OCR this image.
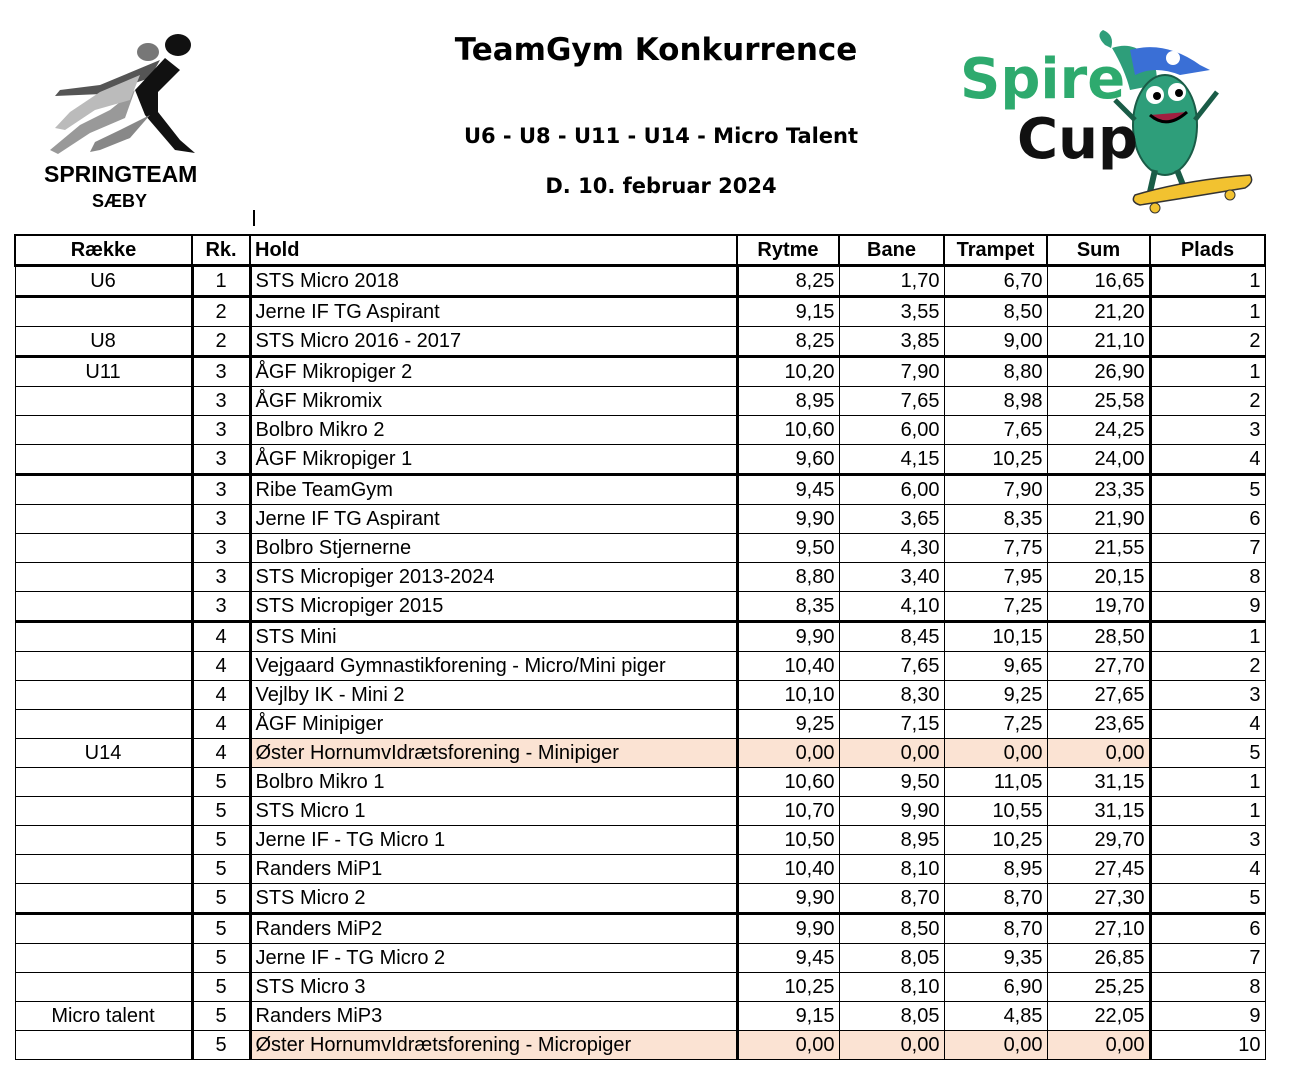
SPRINGTEAM
SÆBY
TeamGym Konkurrence
U6 - U8 - U11 - U14 - Micro Talent
D. 10. februar 2024
Spire
Cup
Række	Rk.	Hold	Rytme	Bane	Trampet	Sum	Plads
U6	1	STS Micro 2018	8,25	1,70	6,70	16,65	1
	2	Jerne IF TG Aspirant	9,15	3,55	8,50	21,20	1
U8	2	STS Micro 2016 - 2017	8,25	3,85	9,00	21,10	2
U11	3	ÅGF Mikropiger 2	10,20	7,90	8,80	26,90	1
	3	ÅGF Mikromix	8,95	7,65	8,98	25,58	2
	3	Bolbro Mikro 2	10,60	6,00	7,65	24,25	3
	3	ÅGF Mikropiger 1	9,60	4,15	10,25	24,00	4
	3	Ribe TeamGym	9,45	6,00	7,90	23,35	5
	3	Jerne IF TG Aspirant	9,90	3,65	8,35	21,90	6
	3	Bolbro Stjernerne	9,50	4,30	7,75	21,55	7
	3	STS Micropiger 2013-2024	8,80	3,40	7,95	20,15	8
	3	STS Micropiger 2015	8,35	4,10	7,25	19,70	9
	4	STS Mini	9,90	8,45	10,15	28,50	1
	4	Vejgaard Gymnastikforening - Micro/Mini piger	10,40	7,65	9,65	27,70	2
	4	Vejlby IK - Mini 2	10,10	8,30	9,25	27,65	3
	4	ÅGF Minipiger	9,25	7,15	7,25	23,65	4
U14	4	Øster HornumvIdrætsforening - Minipiger	0,00	0,00	0,00	0,00	5
	5	Bolbro Mikro 1	10,60	9,50	11,05	31,15	1
	5	STS Micro 1	10,70	9,90	10,55	31,15	1
	5	Jerne IF - TG Micro 1	10,50	8,95	10,25	29,70	3
	5	Randers MiP1	10,40	8,10	8,95	27,45	4
	5	STS Micro 2	9,90	8,70	8,70	27,30	5
	5	Randers MiP2	9,90	8,50	8,70	27,10	6
	5	Jerne IF - TG Micro 2	9,45	8,05	9,35	26,85	7
	5	STS Micro 3	10,25	8,10	6,90	25,25	8
Micro talent	5	Randers MiP3	9,15	8,05	4,85	22,05	9
	5	Øster HornumvIdrætsforening - Micropiger	0,00	0,00	0,00	0,00	10
